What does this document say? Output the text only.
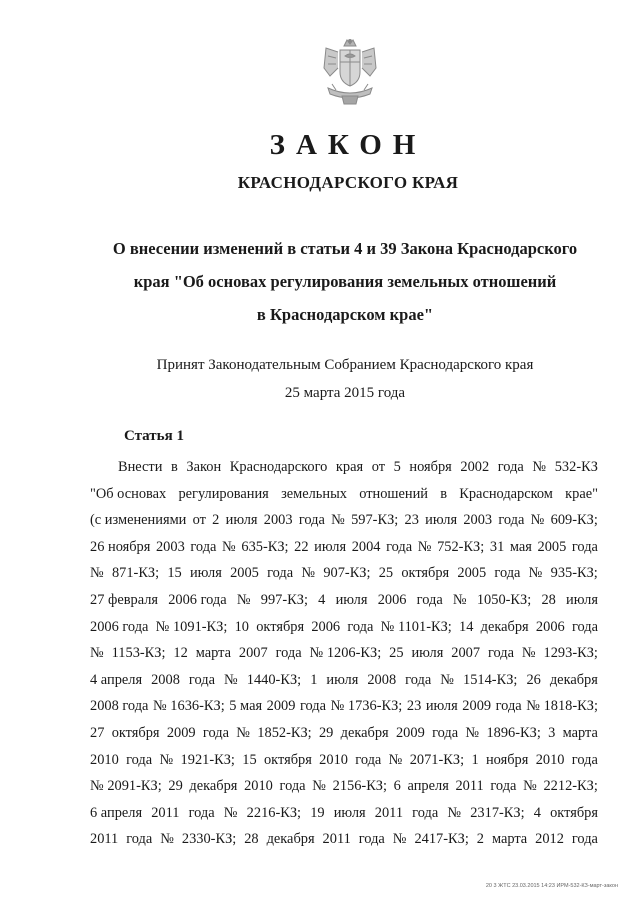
ЗАКОН
КРАСНОДАРСКОГО КРАЯ
О внесении изменений в статьи 4 и 39 Закона Краснодарского
края "Об основах регулирования земельных отношений
в Краснодарском крае"
Принят Законодательным Собранием Краснодарского края
25 марта 2015 года
Статья 1
Внести в Закон Краснодарского края от 5 ноября 2002 года № 532-КЗ
"Об основах регулирования земельных отношений в Краснодарском крае"
(с изменениями от 2 июля 2003 года № 597-КЗ; 23 июля 2003 года № 609-КЗ;
26 ноября 2003 года № 635-КЗ; 22 июля 2004 года № 752-КЗ; 31 мая 2005 года
№ 871-КЗ; 15 июля 2005 года № 907-КЗ; 25 октября 2005 года № 935-КЗ;
27 февраля 2006 года № 997-КЗ; 4 июля 2006 года № 1050-КЗ; 28 июля
2006 года № 1091-КЗ; 10 октября 2006 года № 1101-КЗ; 14 декабря 2006 года
№ 1153-КЗ; 12 марта 2007 года № 1206-КЗ; 25 июля 2007 года № 1293-КЗ;
4 апреля 2008 года № 1440-КЗ; 1 июля 2008 года № 1514-КЗ; 26 декабря
2008 года № 1636-КЗ; 5 мая 2009 года № 1736-КЗ; 23 июля 2009 года № 1818-КЗ;
27 октября 2009 года № 1852-КЗ; 29 декабря 2009 года № 1896-КЗ; 3 марта
2010 года № 1921-КЗ; 15 октября 2010 года № 2071-КЗ; 1 ноября 2010 года
№ 2091-КЗ; 29 декабря 2010 года № 2156-КЗ; 6 апреля 2011 года № 2212-КЗ;
6 апреля 2011 года № 2216-КЗ; 19 июля 2011 года № 2317-КЗ; 4 октября
2011 года № 2330-КЗ; 28 декабря 2011 года № 2417-КЗ; 2 марта 2012 года
20 3 ЖТС 23.03.2015 14:23 ИРМ-532-КЗ-март-закон
